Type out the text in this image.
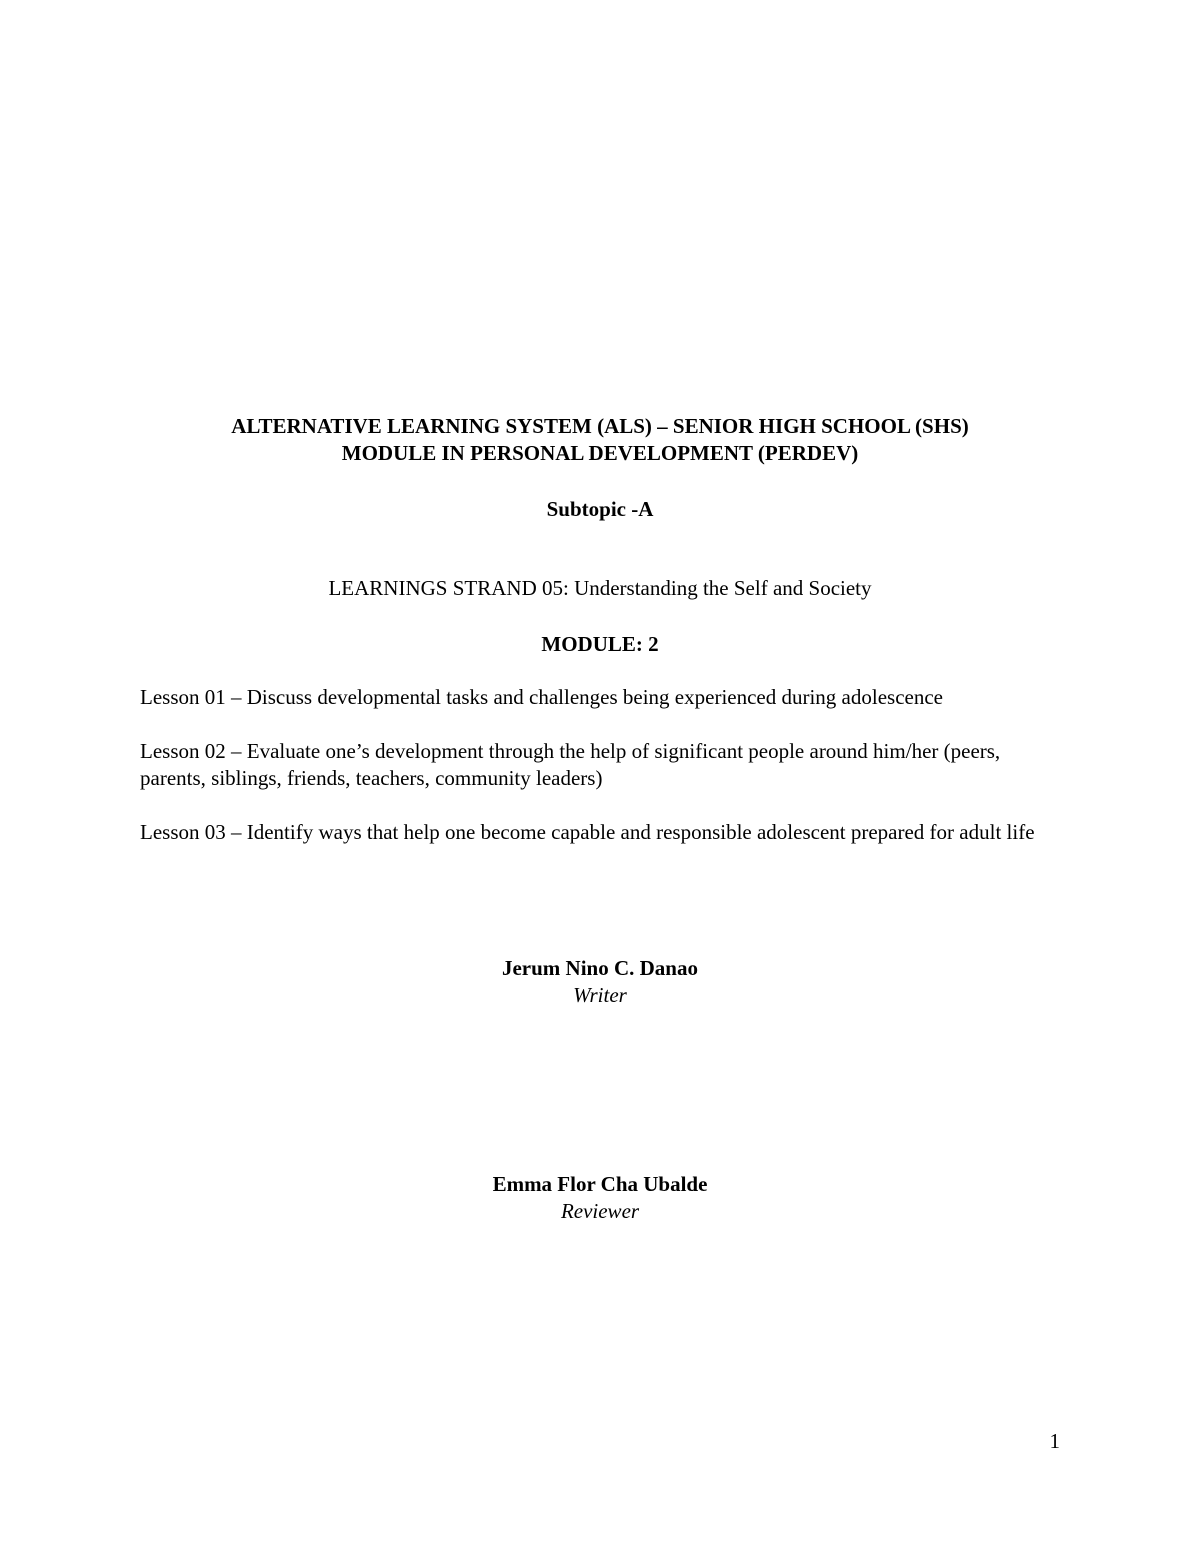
ALTERNATIVE LEARNING SYSTEM (ALS) – SENIOR HIGH SCHOOL (SHS)
MODULE IN PERSONAL DEVELOPMENT (PERDEV)
Subtopic -A
LEARNINGS STRAND 05: Understanding the Self and Society
MODULE: 2
Lesson 01 – Discuss developmental tasks and challenges being experienced during adolescence
Lesson 02 – Evaluate one’s development through the help of significant people around him/her (peers, parents, siblings, friends, teachers, community leaders)
Lesson 03 – Identify ways that help one become capable and responsible adolescent prepared for adult life
Jerum Nino C. Danao
Writer
Emma Flor Cha Ubalde
Reviewer
1
